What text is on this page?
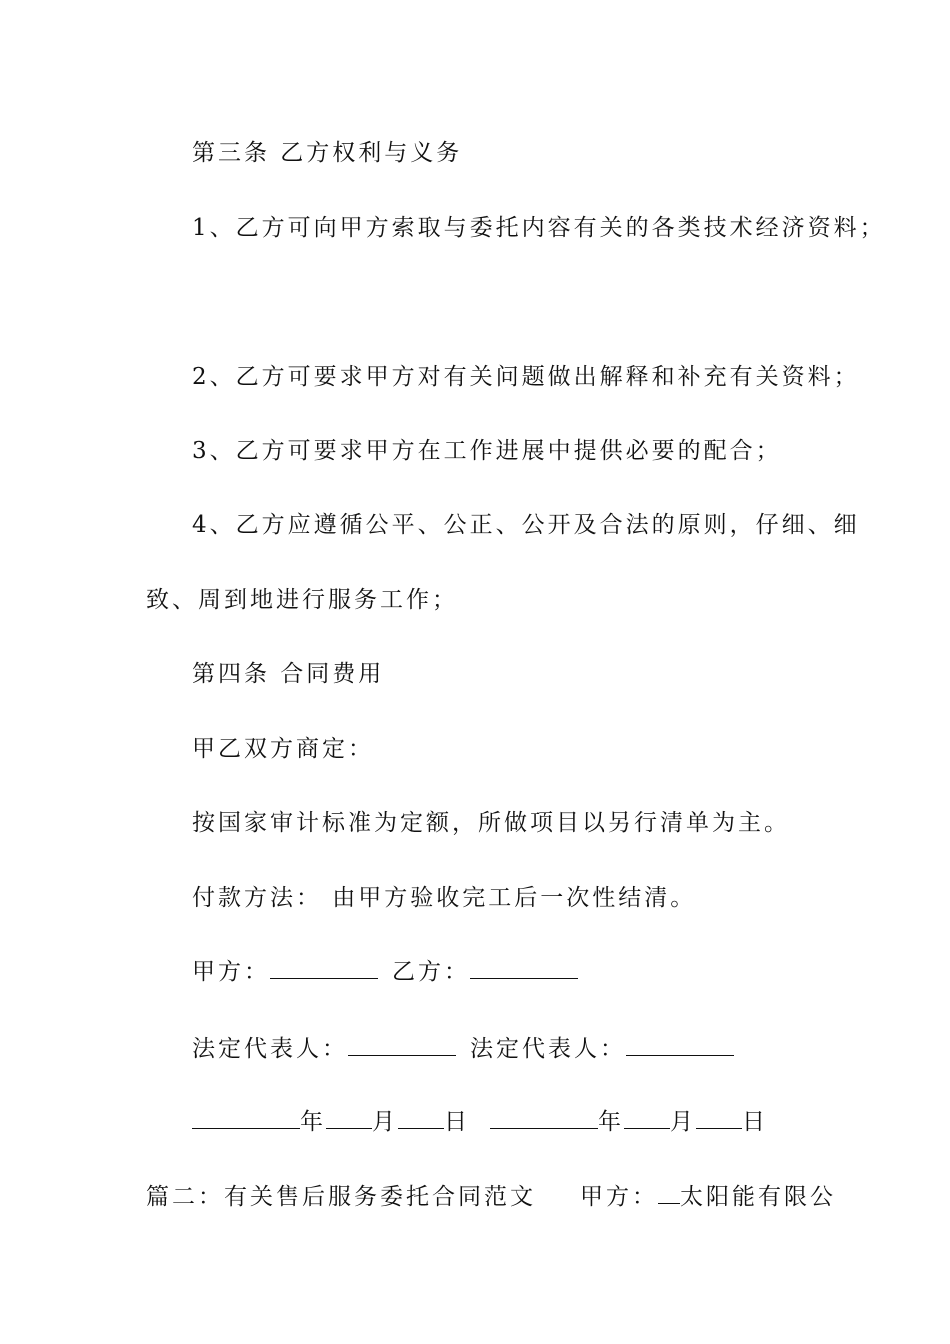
第三条 乙方权利与义务
1、乙方可向甲方索取与委托内容有关的各类技术经济资料；
2、乙方可要求甲方对有关问题做出解释和补充有关资料；
3、乙方可要求甲方在工作进展中提供必要的配合；
4、乙方应遵循公平、公正、公开及合法的原则，仔细、细
致、周到地进行服务工作；
第四条 合同费用
甲乙双方商定：
按国家审计标准为定额，所做项目以另行清单为主。
付款方法： 由甲方验收完工后一次性结清。
甲方：	乙方：
法定代表人：	法定代表人：
年 月 日	年 月 日
篇二：有关售后服务委托合同范文 甲方： 太阳能有限公
